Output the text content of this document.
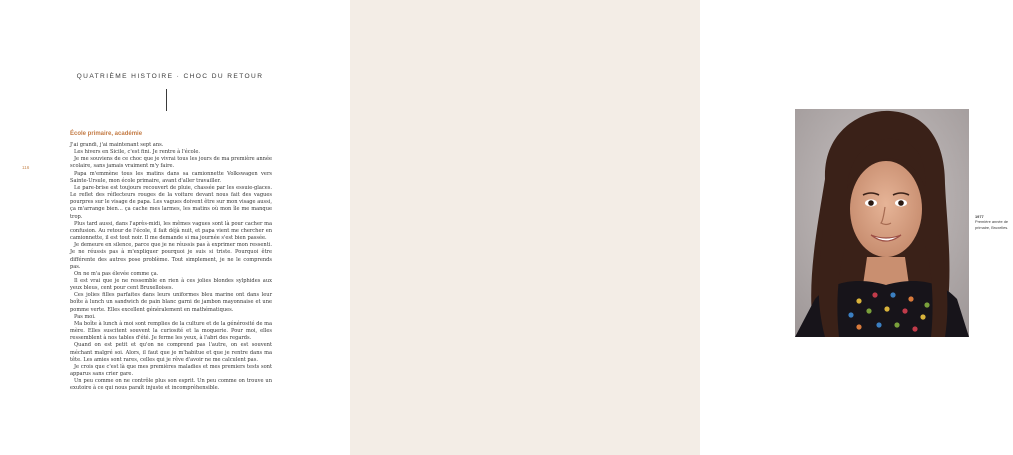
QUATRIÈME HISTOIRE · CHOC DU RETOUR
116
École primaire, académie

J'ai grandi, j'ai maintenant sept ans.

Les hivers en Sicile, c'est fini. Je rentre à l'école.

Je me souviens de ce choc que je vivrai tous les jours de ma première année scolaire, sans jamais vraiment m'y faire.

Papa m'emmène tous les matins dans sa camionnette Volkswagen vers Sainte-Ursule, mon école primaire, avant d'aller travailler.

Le pare-brise est toujours recouvert de pluie, chassée par les essuie-glaces. Le reflet des réflecteurs rouges de la voiture devant nous fait des vagues pourpres sur le visage de papa. Les vagues doivent être sur mon visage aussi, ça m'arrange bien… ça cache mes larmes, les matins où mon île me manque trop.

Plus tard aussi, dans l'après-midi, les mêmes vagues sont là pour cacher ma confusion. Au retour de l'école, il fait déjà nuit, et papa vient me chercher en camionnette, il est tout noir. Il me demande si ma journée s'est bien passée.

Je demeure en silence, parce que je ne réussis pas à exprimer mon ressenti. Je ne réussis pas à m'expliquer pourquoi je suis si triste. Pourquoi être différente des autres pose problème. Tout simplement, je ne le comprends pas.

On ne m'a pas élevée comme ça.

Il est vrai que je ne ressemble en rien à ces jolies blondes sylphides aux yeux bleus, cent pour cent Bruxelloises.

Ces jolies filles parfaites dans leurs uniformes bleu marine ont dans leur boîte à lunch un sandwich de pain blanc garni de jambon mayonnaise et une pomme verte. Elles excellent généralement en mathématiques.

Pas moi.

Ma boîte à lunch à moi sont remplies de la culture et de la générosité de ma mère. Elles suscitent souvent la curiosité et la moquerie. Pour moi, elles ressemblent à nos tables d'été. Je ferme les yeux, à l'abri des regards.

Quand on est petit et qu'on ne comprend pas l'autre, on est souvent méchant malgré soi. Alors, il faut que je m'habitue et que je rentre dans ma tête. Les amies sont rares, celles qui je rêve d'avoir ne me calculent pas.

Je crois que c'est là que mes premières maladies et mes premiers tests sont apparus sans crier gare.

Un peu comme on ne contrôle plus son esprit. Un peu comme on trouve un exutoire à ce qui nous paraît injuste et incompréhensible.

1977
Première année de primaire, Bruxelles.
